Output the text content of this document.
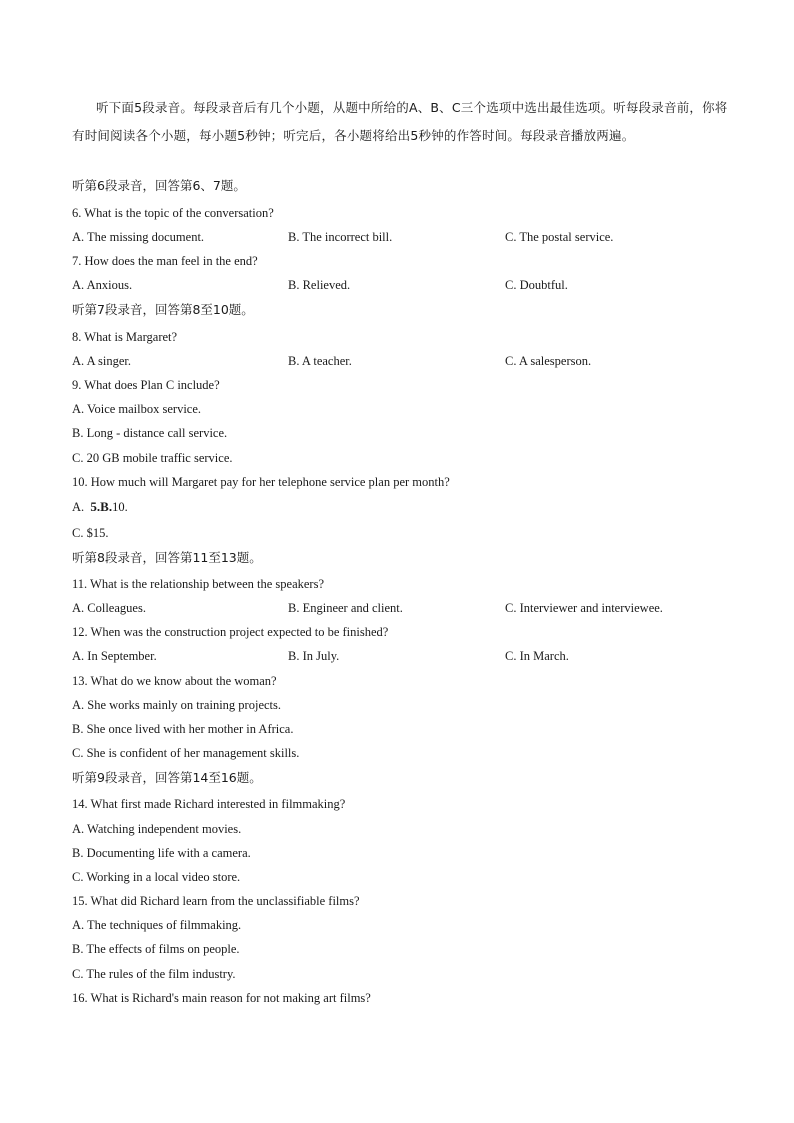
听下面5段录音。每段录音后有几个小题，从题中所给的A、B、C三个选项中选出最佳选项。听每段录音前，你将有时间阅读各个小题，每小题5秒钟；听完后，各小题将给出5秒钟的作答时间。每段录音播放两遍。
听第6段录音，回答第6、7题。
6. What is the topic of the conversation?
A. The missing document.	B. The incorrect bill.	C. The postal service.
7. How does the man feel in the end?
A. Anxious.	B. Relieved.	C. Doubtful.
听第7段录音，回答第8至10题。
8. What is Margaret?
A. A singer.	B. A teacher.	C. A salesperson.
9. What does Plan C include?
A. Voice mailbox service.
B. Long - distance call service.
C. 20 GB mobile traffic service.
10. How much will Margaret pay for her telephone service plan per month?
A.  5.B.10.
C. $15.
听第8段录音，回答第11至13题。
11. What is the relationship between the speakers?
A. Colleagues.	B. Engineer and client.	C. Interviewer and interviewee.
12. When was the construction project expected to be finished?
A. In September.	B. In July.	C. In March.
13. What do we know about the woman?
A. She works mainly on training projects.
B. She once lived with her mother in Africa.
C. She is confident of her management skills.
听第9段录音，回答第14至16题。
14. What first made Richard interested in filmmaking?
A. Watching independent movies.
B. Documenting life with a camera.
C. Working in a local video store.
15. What did Richard learn from the unclassifiable films?
A. The techniques of filmmaking.
B. The effects of films on people.
C. The rules of the film industry.
16. What is Richard's main reason for not making art films?
